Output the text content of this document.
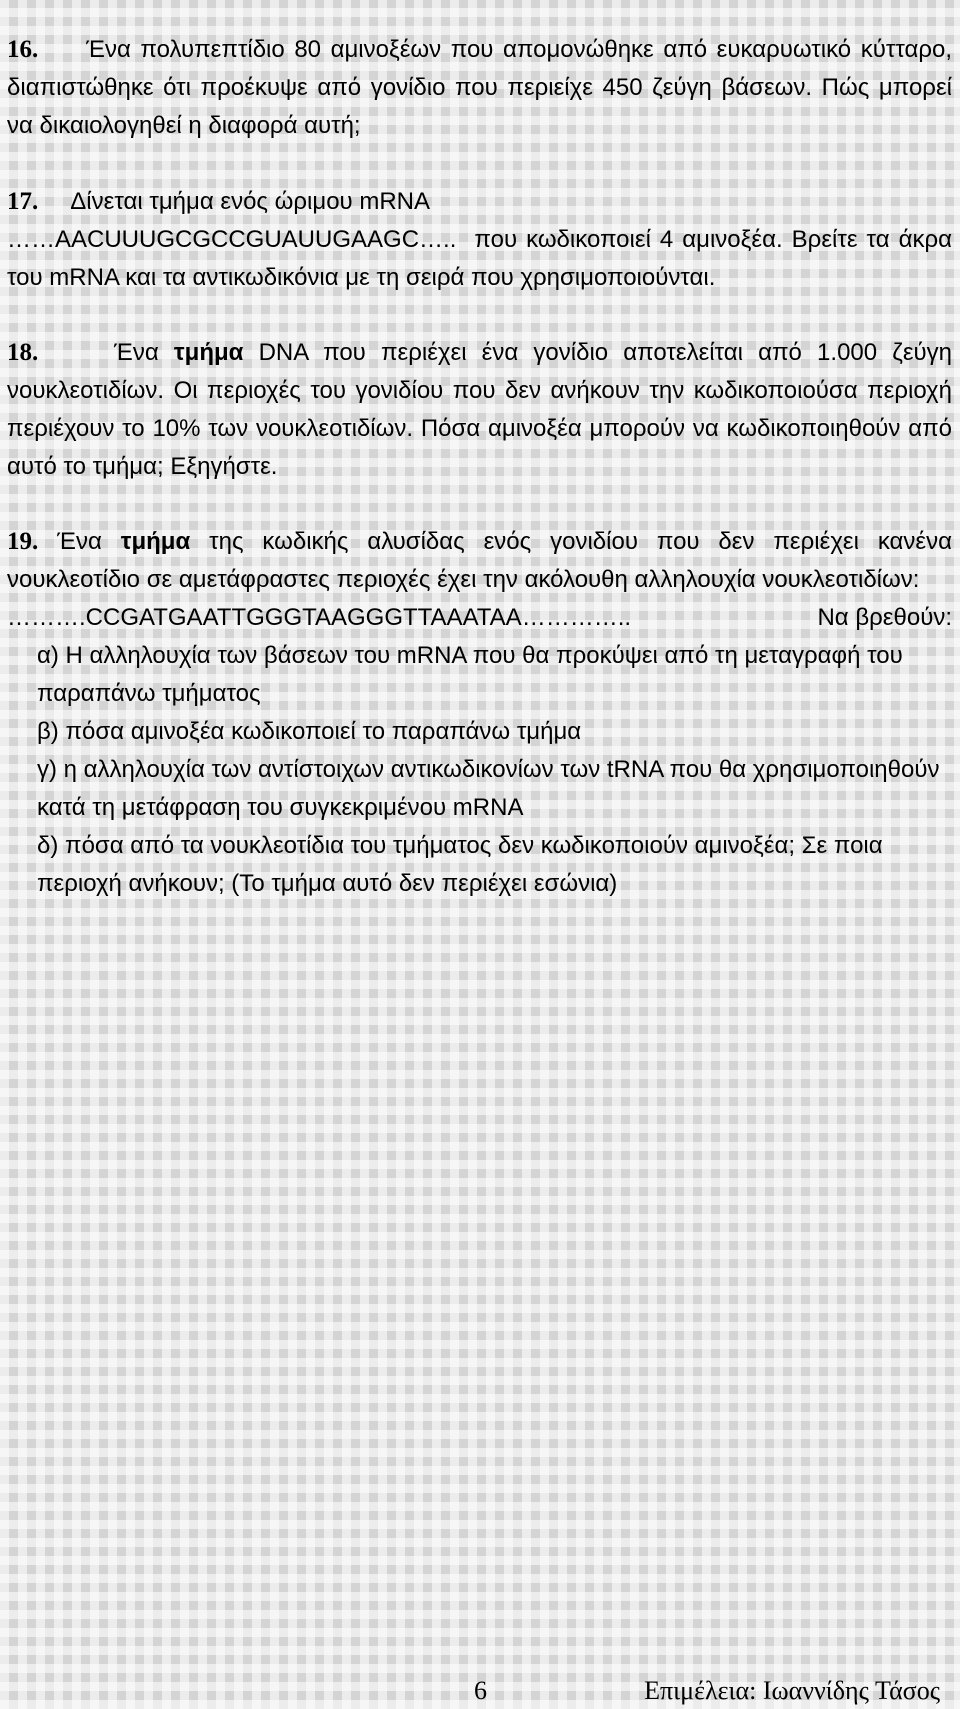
16. Ένα πολυπεπτίδιο 80 αμινοξέων που απομονώθηκε από ευκαρυωτικό κύτταρο, διαπιστώθηκε ότι προέκυψε από γονίδιο που περιείχε 450 ζεύγη βάσεων. Πώς μπορεί να δικαιολογηθεί η διαφορά αυτή;
17. Δίνεται τμήμα ενός ώριμου mRNA
……AACUUUGCGCCGUAUUGAAGC….. που κωδικοποιεί 4 αμινοξέα. Βρείτε τα άκρα του mRNA και τα αντικωδικόνια με τη σειρά που χρησιμοποιούνται.
18.	Ένα τμήμα DNA που περιέχει ένα γονίδιο αποτελείται από 1.000 ζεύγη νουκλεοτιδίων. Οι περιοχές του γονιδίου που δεν ανήκουν την κωδικοποιούσα περιοχή περιέχουν το 10% των νουκλεοτιδίων. Πόσα αμινοξέα μπορούν να κωδικοποιηθούν από αυτό το τμήμα; Εξηγήστε.
19. Ένα τμήμα της κωδικής αλυσίδας ενός γονιδίου που δεν περιέχει κανένα νουκλεοτίδιο σε αμετάφραστες περιοχές έχει την ακόλουθη αλληλουχία νουκλεοτιδίων:
……….CCGATGAATTGGGTAAGGGTTAAATAA…………..	Να βρεθούν:
α) Η αλληλουχία των βάσεων του mRNA που θα προκύψει από τη μεταγραφή του παραπάνω τμήματος
β) πόσα αμινοξέα κωδικοποιεί το παραπάνω τμήμα
γ) η αλληλουχία των αντίστοιχων αντικωδικονίων των tRNA που θα χρησιμοποιηθούν κατά τη μετάφραση του συγκεκριμένου mRNA
δ) πόσα από τα νουκλεοτίδια του τμήματος δεν κωδικοποιούν αμινοξέα; Σε ποια περιοχή ανήκουν; (Το τμήμα αυτό δεν περιέχει εσώνια)
6	Επιμέλεια: Ιωαννίδης Τάσος
